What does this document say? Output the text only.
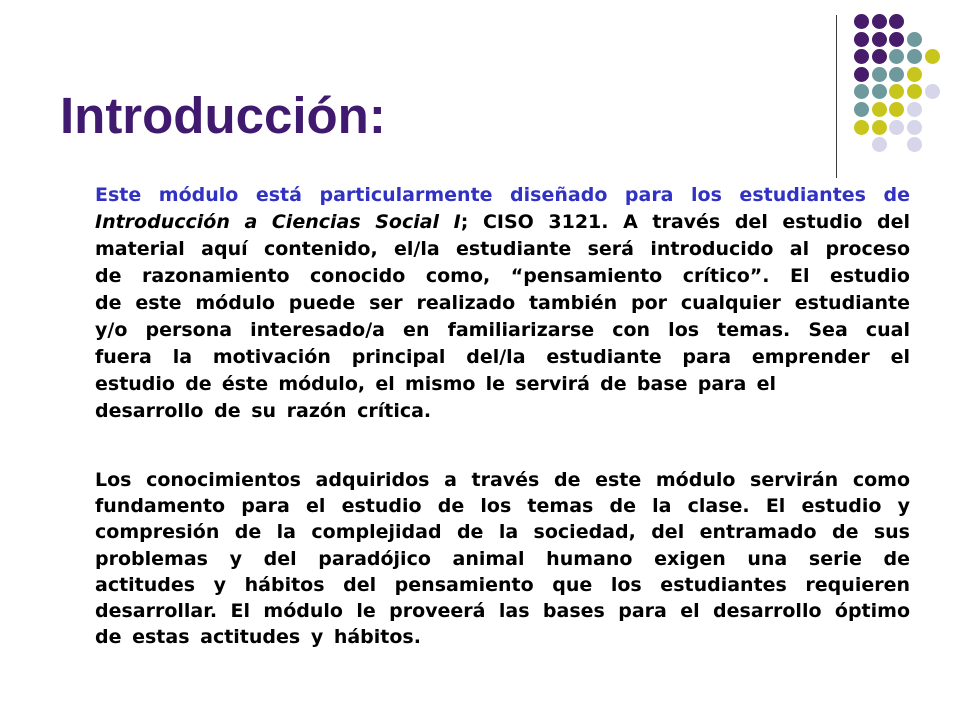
Introducción:
Este módulo está particularmente diseñado para los estudiantes de
Introducción a Ciencias Social I; CISO 3121. A través del estudio del
material aquí contenido, el/la estudiante será introducido al proceso
de razonamiento conocido como, “pensamiento crítico”. El estudio
de este módulo puede ser realizado también por cualquier estudiante
y/o persona interesado/a en familiarizarse con los temas. Sea cual
fuera la motivación principal del/la estudiante para emprender el
estudio de éste módulo, el mismo le servirá de base para el
desarrollo de su razón crítica.
Los conocimientos adquiridos a través de este módulo servirán como
fundamento para el estudio de los temas de la clase. El estudio y
compresión de la complejidad de la sociedad, del entramado de sus
problemas y del paradójico animal humano exigen una serie de
actitudes y hábitos del pensamiento que los estudiantes requieren
desarrollar. El módulo le proveerá las bases para el desarrollo óptimo
de estas actitudes y hábitos.
